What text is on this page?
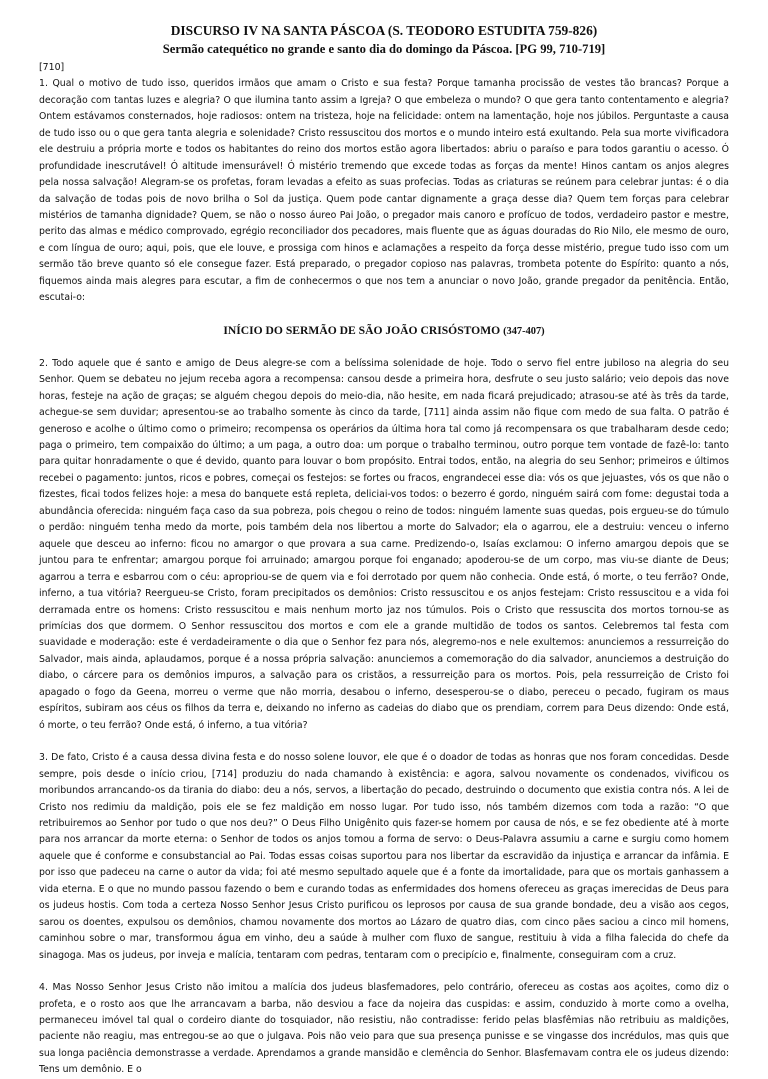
DISCURSO IV NA SANTA PÁSCOA (S. TEODORO ESTUDITA 759-826)
Sermão catequético no grande e santo dia do domingo da Páscoa. [PG 99, 710-719]

[710]

1. Qual o motivo de tudo isso, queridos irmãos que amam o Cristo e sua festa? Porque tamanha procissão de vestes tão brancas? Porque a decoração com tantas luzes e alegria? O que ilumina tanto assim a Igreja? O que embeleza o mundo? O que gera tanto contentamento e alegria? Ontem estávamos consternados, hoje radiosos: ontem na tristeza, hoje na felicidade: ontem na lamentação, hoje nos júbilos. Perguntaste a causa de tudo isso ou o que gera tanta alegria e solenidade? Cristo ressuscitou dos mortos e o mundo inteiro está exultando. Pela sua morte vivificadora ele destruiu a própria morte e todos os habitantes do reino dos mortos estão agora libertados: abriu o paraíso e para todos garantiu o acesso. Ó profundidade inescrutável! Ó altitude imensurável! Ó mistério tremendo que excede todas as forças da mente! Hinos cantam os anjos alegres pela nossa salvação! Alegram-se os profetas, foram levadas a efeito as suas profecias. Todas as criaturas se reúnem para celebrar juntas: é o dia da salvação de todas pois de novo brilha o Sol da justiça. Quem pode cantar dignamente a graça desse dia? Quem tem forças para celebrar mistérios de tamanha dignidade? Quem, se não o nosso áureo Pai João, o pregador mais canoro e profícuo de todos, verdadeiro pastor e mestre, perito das almas e médico comprovado, egrégio reconciliador dos pecadores, mais fluente que as águas douradas do Rio Nilo, ele mesmo de ouro, e com língua de ouro; aqui, pois, que ele louve, e prossiga com hinos e aclamações a respeito da força desse mistério, pregue tudo isso com um sermão tão breve quanto só ele consegue fazer. Está preparado, o pregador copioso nas palavras, trombeta potente do Espírito: quanto a nós, fiquemos ainda mais alegres para escutar, a fim de conhecermos o que nos tem a anunciar o novo João, grande pregador da penitência. Então, escutai-o:

INÍCIO DO SERMÃO DE SÃO JOÃO CRISÓSTOMO (347-407)

2. Todo aquele que é santo e amigo de Deus alegre-se com a belíssima solenidade de hoje. Todo o servo fiel entre jubiloso na alegria do seu Senhor. Quem se debateu no jejum receba agora a recompensa: cansou desde a primeira hora, desfrute o seu justo salário; veio depois das nove horas, festeje na ação de graças; se alguém chegou depois do meio-dia, não hesite, em nada ficará prejudicado; atrasou-se até às três da tarde, achegue-se sem duvidar; apresentou-se ao trabalho somente às cinco da tarde, [711] ainda assim não fique com medo de sua falta. O patrão é generoso e acolhe o último como o primeiro; recompensa os operários da última hora tal como já recompensara os que trabalharam desde cedo; paga o primeiro, tem compaixão do último; a um paga, a outro doa: um porque o trabalho terminou, outro porque tem vontade de fazê-lo: tanto para quitar honradamente o que é devido, quanto para louvar o bom propósito. Entrai todos, então, na alegria do seu Senhor; primeiros e últimos recebei o pagamento: juntos, ricos e pobres, começai os festejos: se fortes ou fracos, engrandecei esse dia: vós os que jejuastes, vós os que não o fizestes, ficai todos felizes hoje: a mesa do banquete está repleta, deliciai-vos todos: o bezerro é gordo, ninguém sairá com fome: degustai toda a abundância oferecida: ninguém faça caso da sua pobreza, pois chegou o reino de todos: ninguém lamente suas quedas, pois ergueu-se do túmulo o perdão: ninguém tenha medo da morte, pois também dela nos libertou a morte do Salvador; ela o agarrou, ele a destruiu: venceu o inferno aquele que desceu ao inferno: ficou no amargor o que provara a sua carne. Predizendo-o, Isaías exclamou: O inferno amargou depois que se juntou para te enfrentar; amargou porque foi arruinado; amargou porque foi enganado; apoderou-se de um corpo, mas viu-se diante de Deus; agarrou a terra e esbarrou com o céu: apropriou-se de quem via e foi derrotado por quem não conhecia. Onde está, ó morte, o teu ferrão? Onde, inferno, a tua vitória? Reergueu-se Cristo, foram precipitados os demônios: Cristo ressuscitou e os anjos festejam: Cristo ressuscitou e a vida foi derramada entre os homens: Cristo ressuscitou e mais nenhum morto jaz nos túmulos. Pois o Cristo que ressuscita dos mortos tornou-se as primícias dos que dormem. O Senhor ressuscitou dos mortos e com ele a grande multidão de todos os santos. Celebremos tal festa com suavidade e moderação: este é verdadeiramente o dia que o Senhor fez para nós, alegremo-nos e nele exultemos: anunciemos a ressurreição do Salvador, mais ainda, aplaudamos, porque é a nossa própria salvação: anunciemos a comemoração do dia salvador, anunciemos a destruição do diabo, o cárcere para os demônios impuros, a salvação para os cristãos, a ressurreição para os mortos. Pois, pela ressurreição de Cristo foi apagado o fogo da Geena, morreu o verme que não morria, desabou o inferno, desesperou-se o diabo, pereceu o pecado, fugiram os maus espíritos, subiram aos céus os filhos da terra e, deixando no inferno as cadeias do diabo que os prendiam, correm para Deus dizendo: Onde está, ó morte, o teu ferrão? Onde está, ó inferno, a tua vitória?

3. De fato, Cristo é a causa dessa divina festa e do nosso solene louvor, ele que é o doador de todas as honras que nos foram concedidas. Desde sempre, pois desde o início criou, [714] produziu do nada chamando à existência: e agora, salvou novamente os condenados, vivificou os moribundos arrancando-os da tirania do diabo: deu a nós, servos, a libertação do pecado, destruindo o documento que existia contra nós. A lei de Cristo nos redimiu da maldição, pois ele se fez maldição em nosso lugar. Por tudo isso, nós também dizemos com toda a razão: “O que retribuiremos ao Senhor por tudo o que nos deu?” O Deus Filho Unigênito quis fazer-se homem por causa de nós, e se fez obediente até à morte para nos arrancar da morte eterna: o Senhor de todos os anjos tomou a forma de servo: o Deus-Palavra assumiu a carne e surgiu como homem aquele que é conforme e consubstancial ao Pai. Todas essas coisas suportou para nos libertar da escravidão da injustiça e arrancar da infâmia. E por isso que padeceu na carne o autor da vida; foi até mesmo sepultado aquele que é a fonte da imortalidade, para que os mortais ganhassem a vida eterna. E o que no mundo passou fazendo o bem e curando todas as enfermidades dos homens ofereceu as graças imerecidas de Deus para os judeus hostis. Com toda a certeza Nosso Senhor Jesus Cristo purificou os leprosos por causa de sua grande bondade, deu a visão aos cegos, sarou os doentes, expulsou os demônios, chamou novamente dos mortos ao Lázaro de quatro dias, com cinco pães saciou a cinco mil homens, caminhou sobre o mar, transformou água em vinho, deu a saúde à mulher com fluxo de sangue, restituiu à vida a filha falecida do chefe da sinagoga. Mas os judeus, por inveja e malícia, tentaram com pedras, tentaram com o precipício e, finalmente, conseguiram com a cruz.

4. Mas Nosso Senhor Jesus Cristo não imitou a malícia dos judeus blasfemadores, pelo contrário, ofereceu as costas aos açoites, como diz o profeta, e o rosto aos que lhe arrancavam a barba, não desviou a face da nojeira das cuspidas: e assim, conduzido à morte como a ovelha, permaneceu imóvel tal qual o cordeiro diante do tosquiador, não resistiu, não contradisse: ferido pelas blasfêmias não retribuiu as maldições, paciente não reagiu, mas entregou-se ao que o julgava. Pois não veio para que sua presença punisse e se vingasse dos incrédulos, mas quis que sua longa paciência demonstrasse a verdade. Aprendamos a grande mansidão e clemência do Senhor. Blasfemavam contra ele os judeus dizendo: Tens um demônio. E o
